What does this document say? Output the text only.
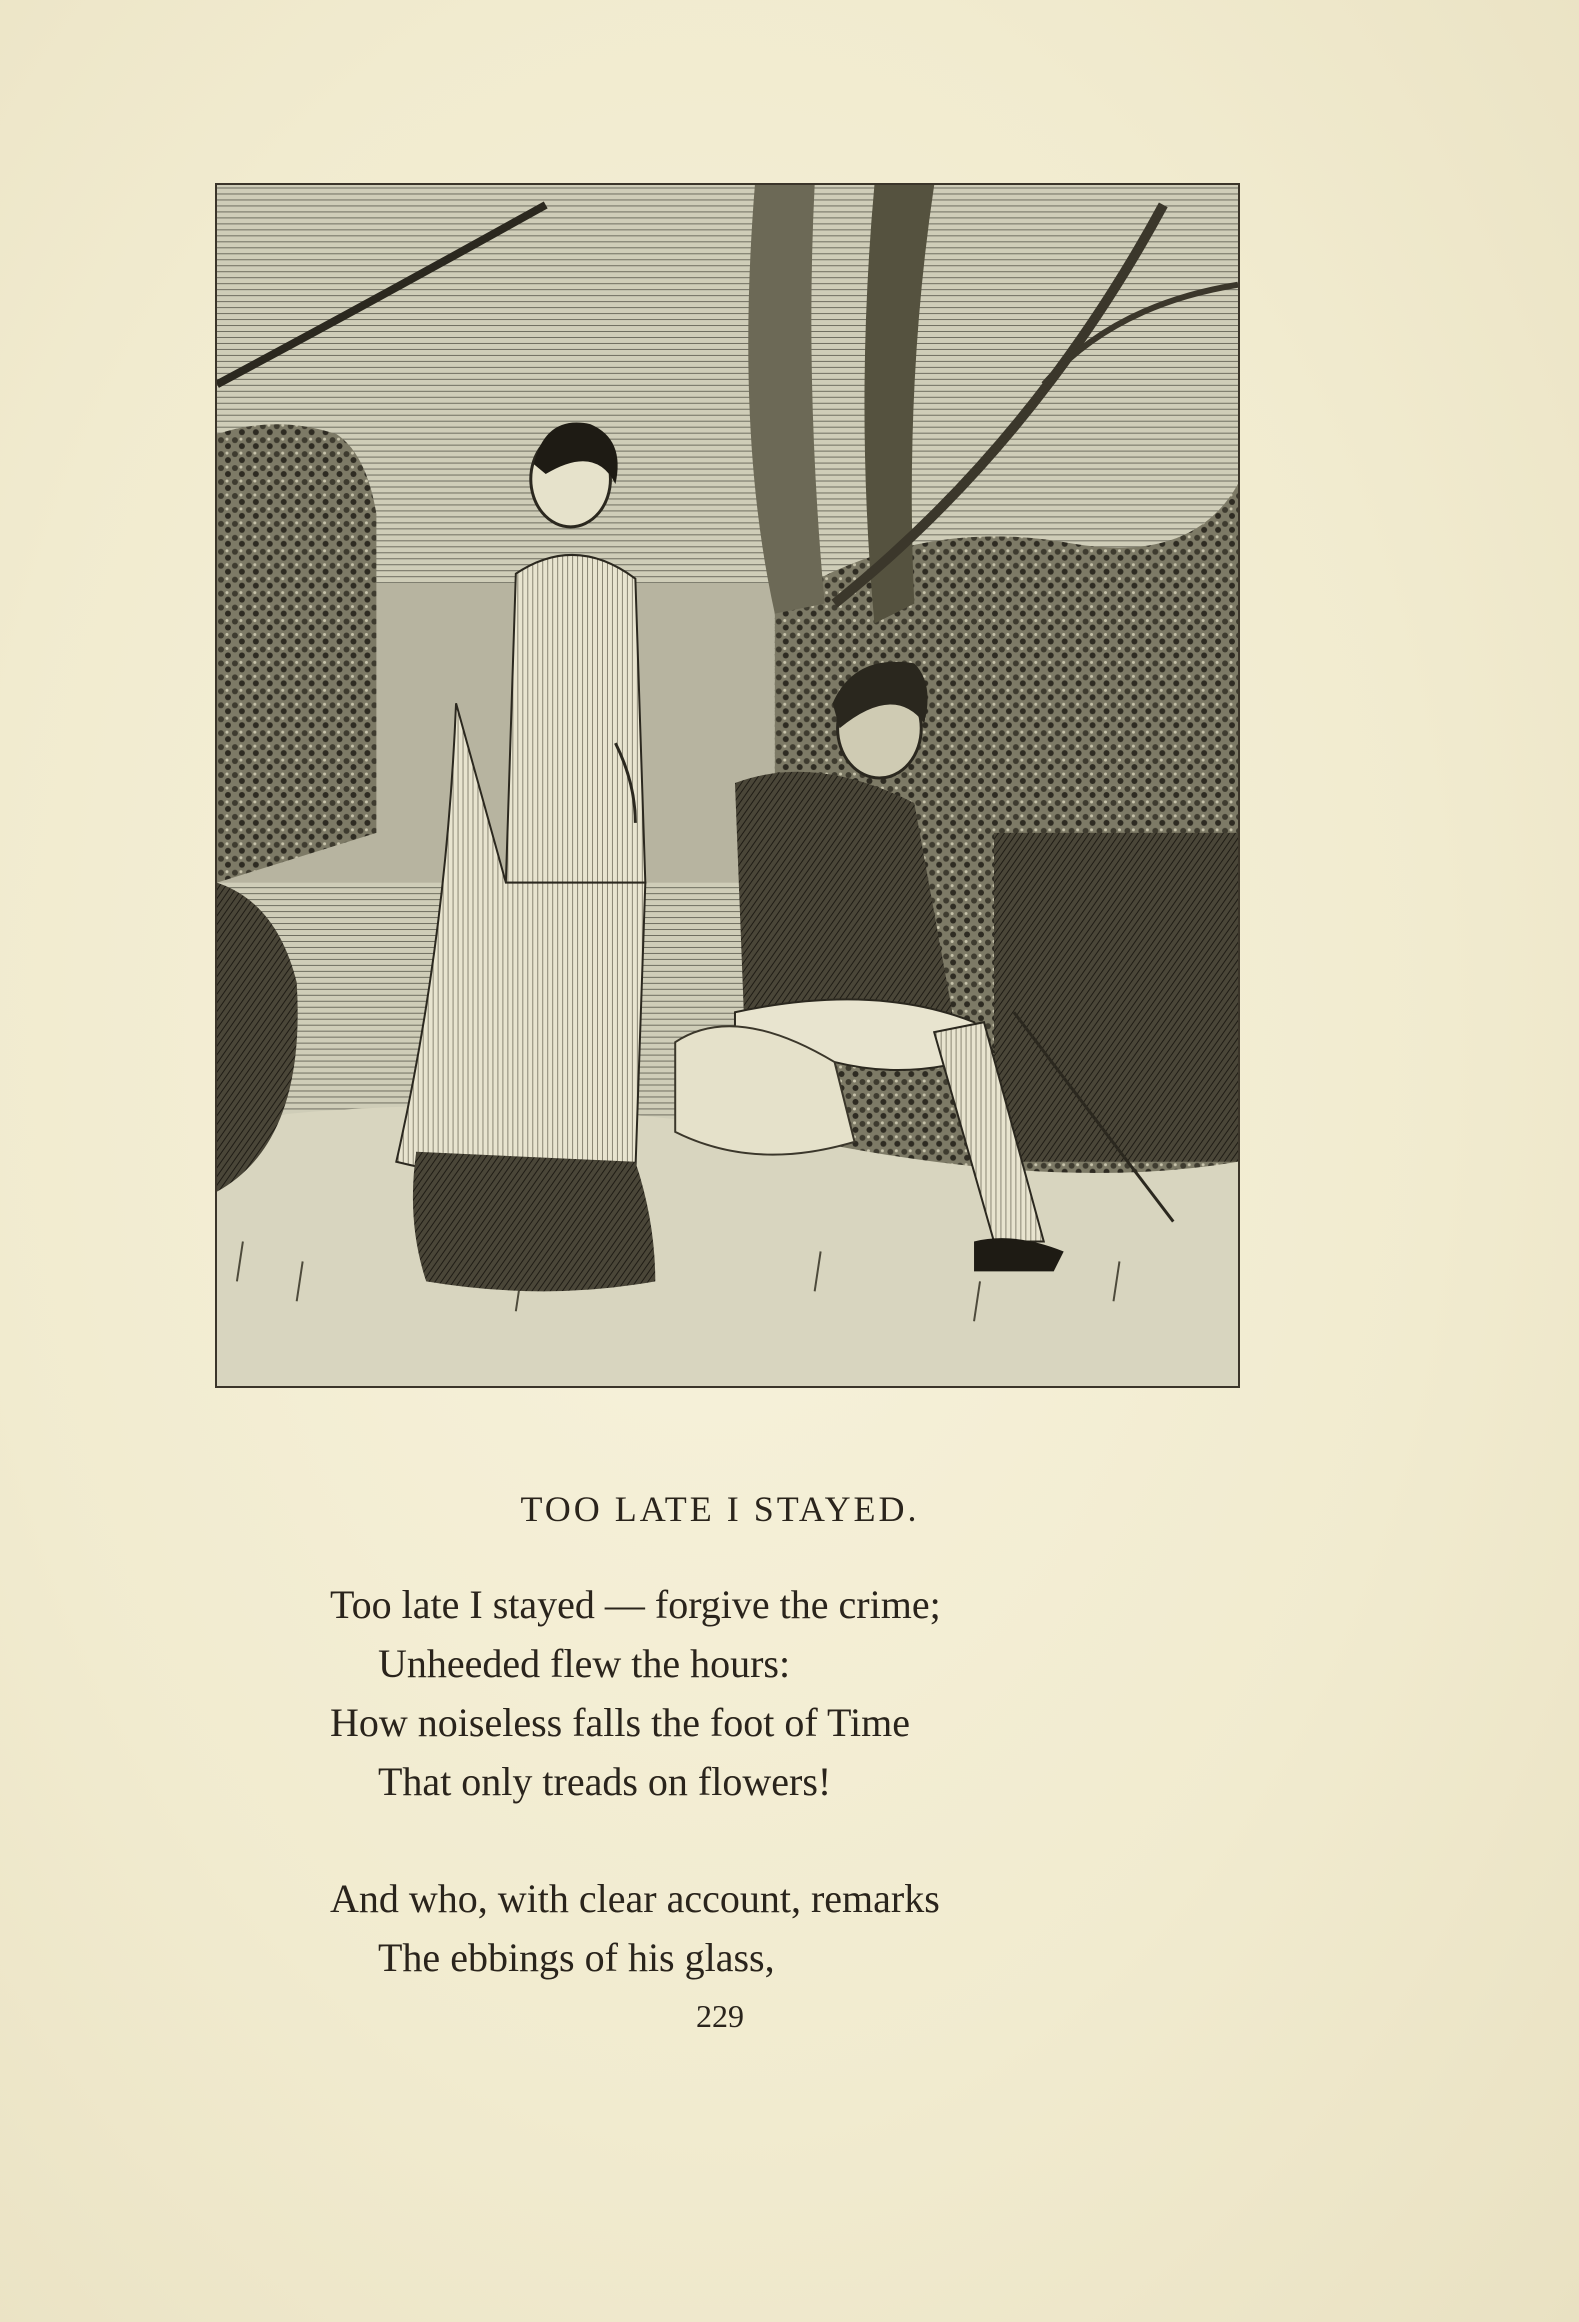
TOO LATE I STAYED.
Too late I stayed — forgive the crime;
Unheeded flew the hours:
How noiseless falls the foot of Time
That only treads on flowers!
And who, with clear account, remarks
The ebbings of his glass,
229
